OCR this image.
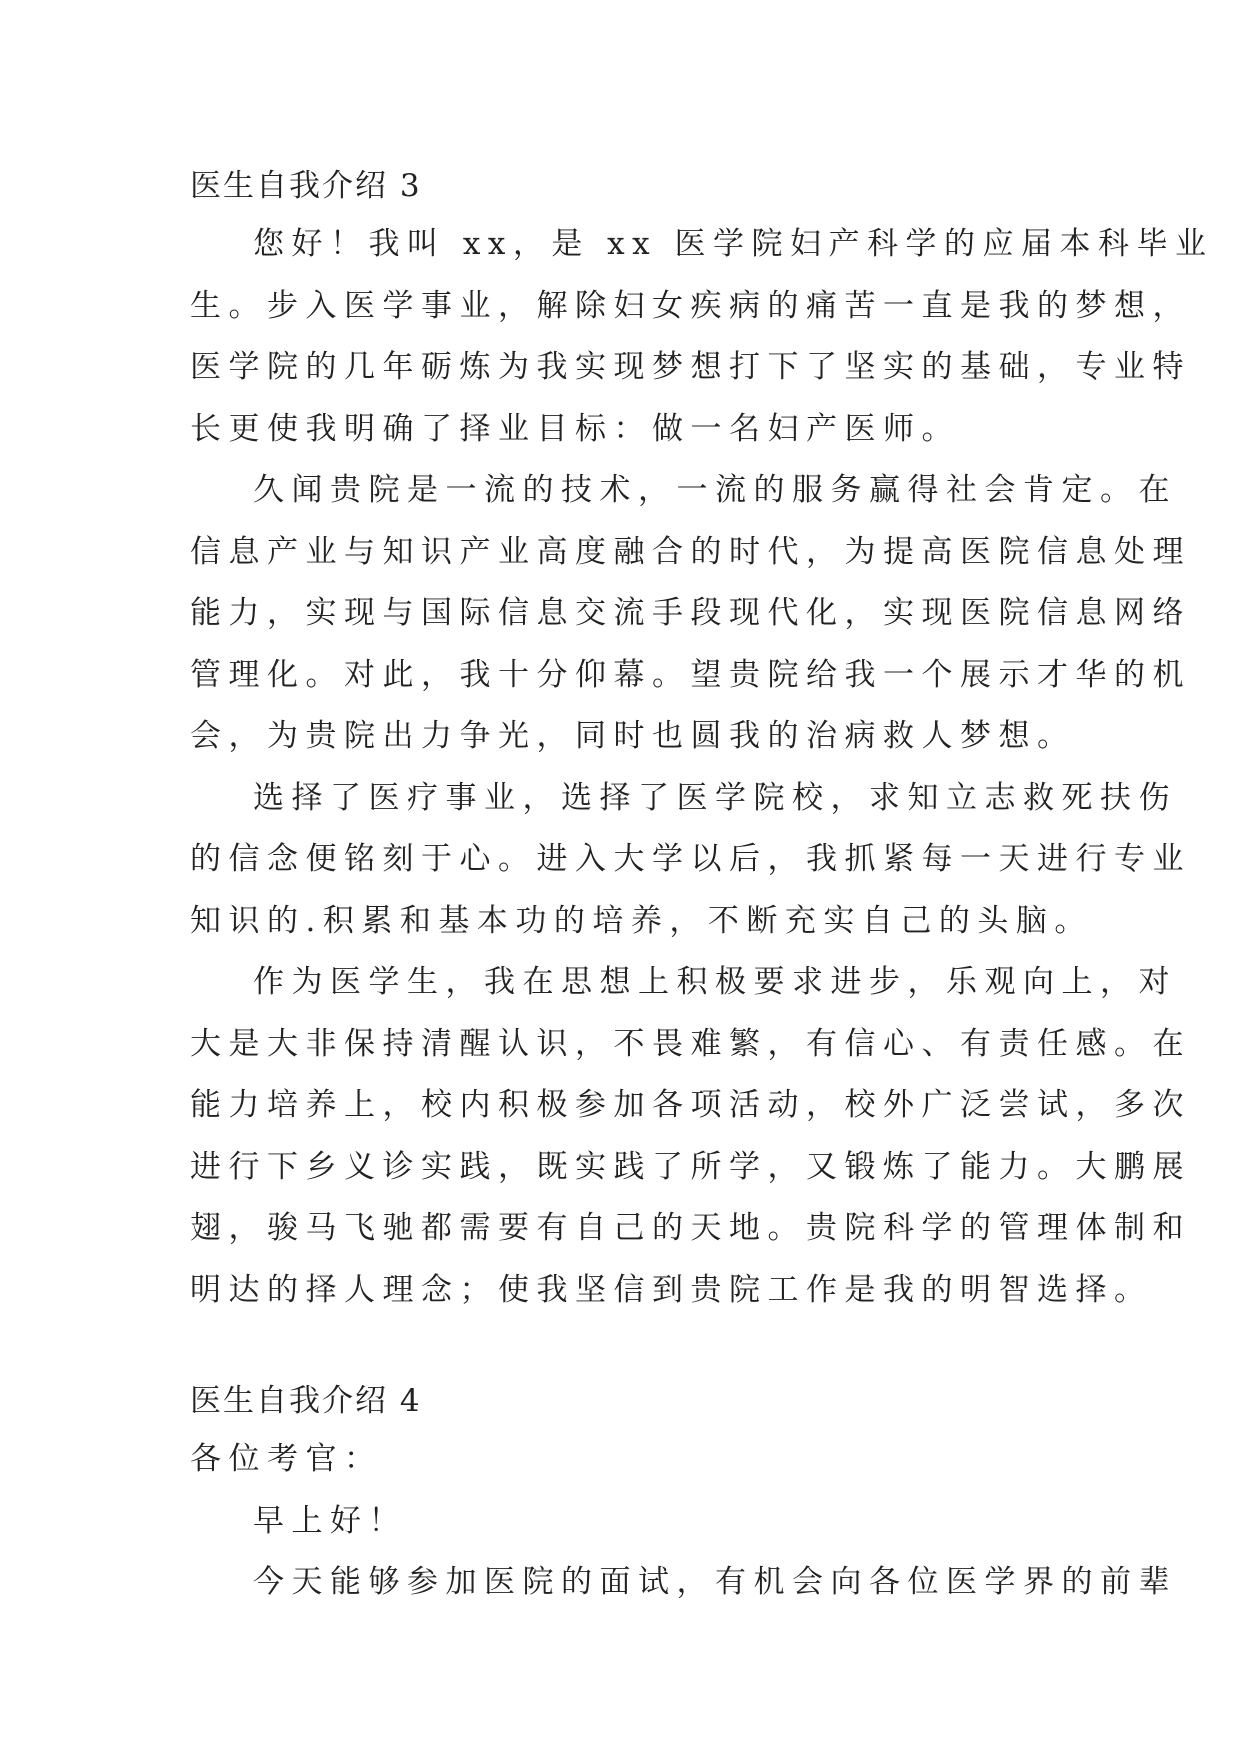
医生自我介绍 3

您好！我叫 xx，是 xx 医学院妇产科学的应届本科毕业
生。步入医学事业，解除妇女疾病的痛苦一直是我的梦想，
医学院的几年砺炼为我实现梦想打下了坚实的基础，专业特
长更使我明确了择业目标：做一名妇产医师。

久闻贵院是一流的技术，一流的服务赢得社会肯定。在
信息产业与知识产业高度融合的时代，为提高医院信息处理
能力，实现与国际信息交流手段现代化，实现医院信息网络
管理化。对此，我十分仰幕。望贵院给我一个展示才华的机
会，为贵院出力争光，同时也圆我的治病救人梦想。

选择了医疗事业，选择了医学院校，求知立志救死扶伤
的信念便铭刻于心。进入大学以后，我抓紧每一天进行专业
知识的.积累和基本功的培养，不断充实自己的头脑。

作为医学生，我在思想上积极要求进步，乐观向上，对
大是大非保持清醒认识，不畏难繁，有信心、有责任感。在
能力培养上，校内积极参加各项活动，校外广泛尝试，多次
进行下乡义诊实践，既实践了所学，又锻炼了能力。大鹏展
翅，骏马飞驰都需要有自己的天地。贵院科学的管理体制和
明达的择人理念；使我坚信到贵院工作是我的明智选择。

医生自我介绍 4

各位考官：

早上好！

今天能够参加医院的面试，有机会向各位医学界的前辈
